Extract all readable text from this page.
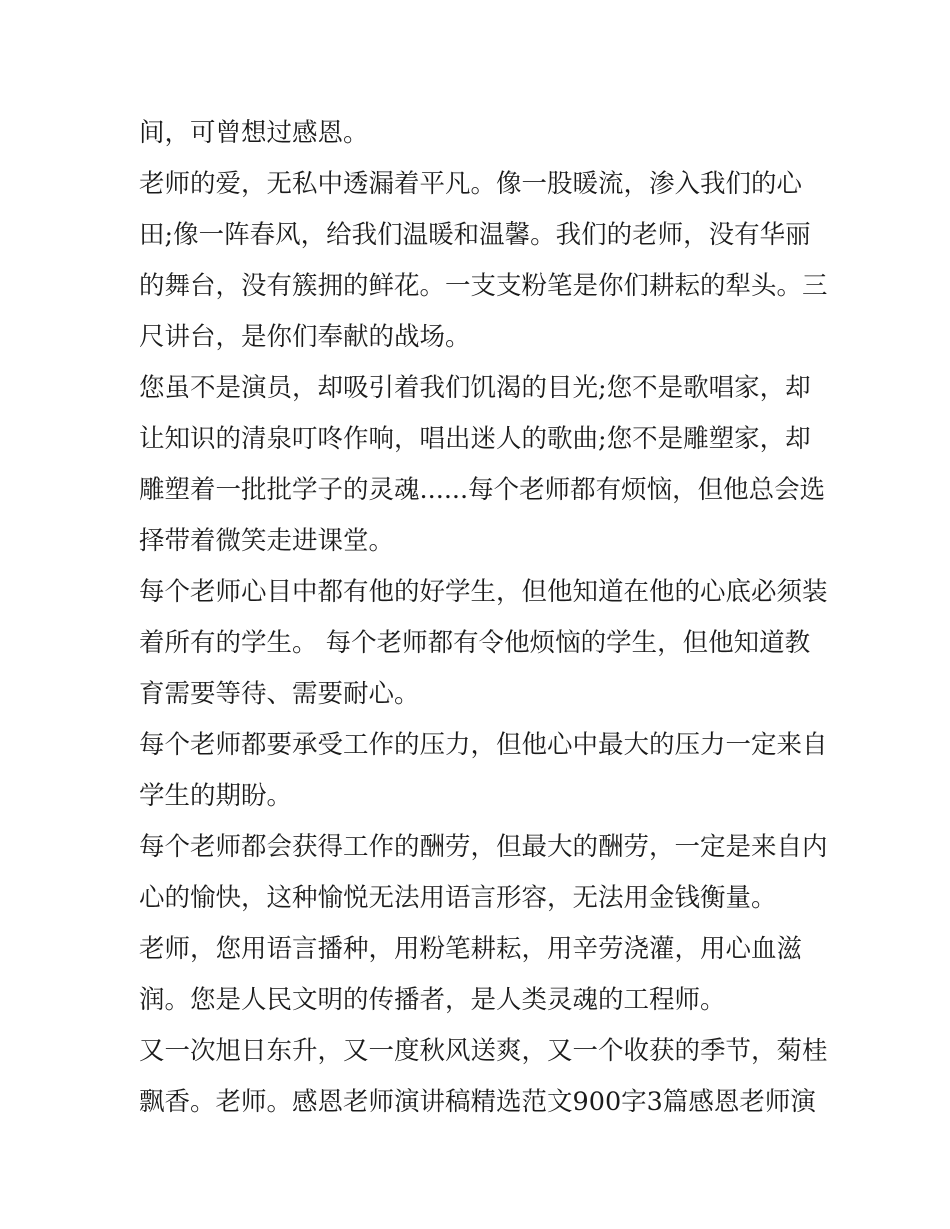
间，可曾想过感恩。
老师的爱，无私中透漏着平凡。像一股暖流，渗入我们的心
田;像一阵春风，给我们温暖和温馨。我们的老师，没有华丽
的舞台，没有簇拥的鲜花。一支支粉笔是你们耕耘的犁头。三
尺讲台，是你们奉献的战场。
您虽不是演员，却吸引着我们饥渴的目光;您不是歌唱家，却
让知识的清泉叮咚作响，唱出迷人的歌曲;您不是雕塑家，却
雕塑着一批批学子的灵魂......每个老师都有烦恼，但他总会选
择带着微笑走进课堂。
每个老师心目中都有他的好学生，但他知道在他的心底必须装
着所有的学生。 每个老师都有令他烦恼的学生，但他知道教
育需要等待、需要耐心。
每个老师都要承受工作的压力，但他心中最大的压力一定来自
学生的期盼。
每个老师都会获得工作的酬劳，但最大的酬劳，一定是来自内
心的愉快，这种愉悦无法用语言形容，无法用金钱衡量。
老师，您用语言播种，用粉笔耕耘，用辛劳浇灌，用心血滋
润。您是人民文明的传播者，是人类灵魂的工程师。
又一次旭日东升，又一度秋风送爽，又一个收获的季节，菊桂
飘香。老师。感恩老师演讲稿精选范文900字3篇感恩老师演
